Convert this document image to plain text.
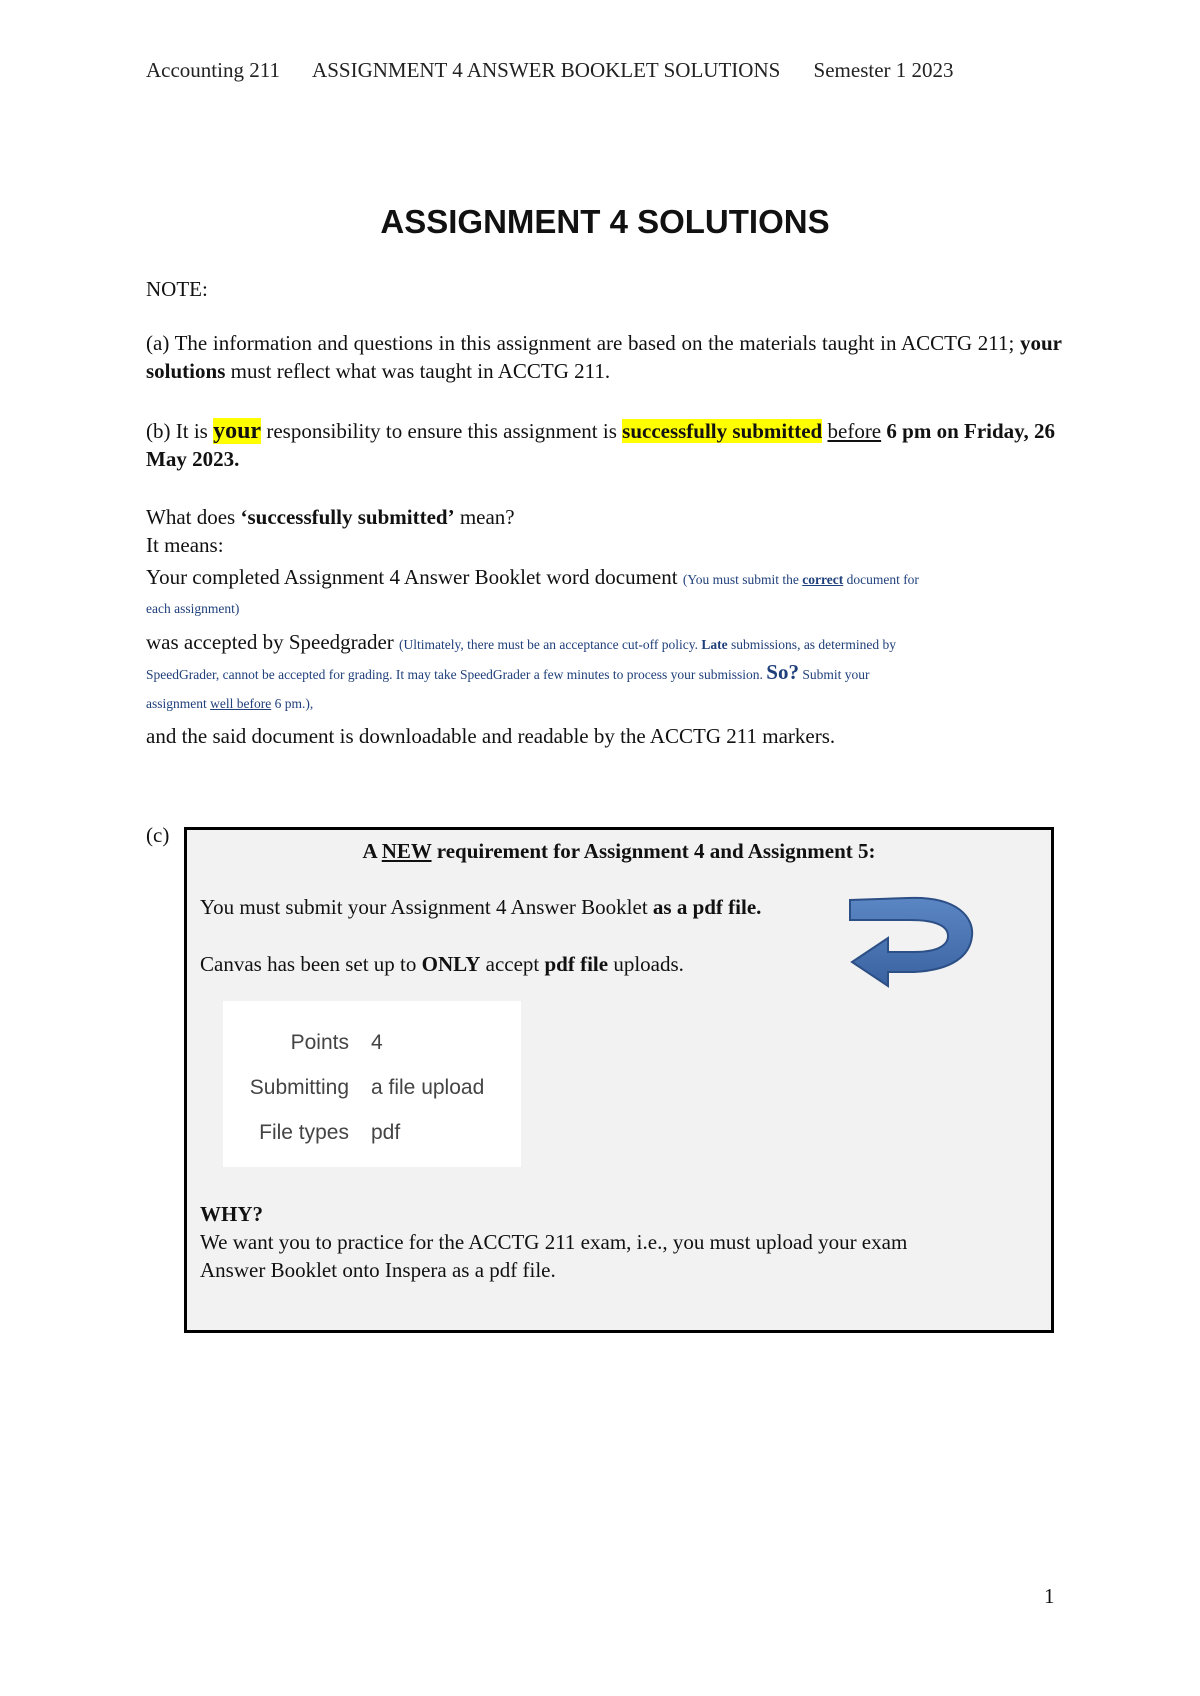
Accounting 211 ASSIGNMENT 4 ANSWER BOOKLET SOLUTIONS Semester 1 2023
ASSIGNMENT 4 SOLUTIONS
NOTE:
(a) The information and questions in this assignment are based on the materials taught in ACCTG 211; your solutions must reflect what was taught in ACCTG 211.
(b) It is your responsibility to ensure this assignment is successfully submitted before 6 pm on Friday, 26 May 2023.
What does ‘successfully submitted’ mean?
It means:
Your completed Assignment 4 Answer Booklet word document (You must submit the correct document for
each assignment)
was accepted by Speedgrader (Ultimately, there must be an acceptance cut-off policy. Late submissions, as determined by
SpeedGrader, cannot be accepted for grading. It may take SpeedGrader a few minutes to process your submission. So? Submit your
assignment well before 6 pm.),
and the said document is downloadable and readable by the ACCTG 211 markers.
(c)
A NEW requirement for Assignment 4 and Assignment 5:
You must submit your Assignment 4 Answer Booklet as a pdf file.
Canvas has been set up to ONLY accept pdf file uploads.
Points 4
Submitting a file upload
File types pdf
WHY?
We want you to practice for the ACCTG 211 exam, i.e., you must upload your exam
Answer Booklet onto Inspera as a pdf file.
1
